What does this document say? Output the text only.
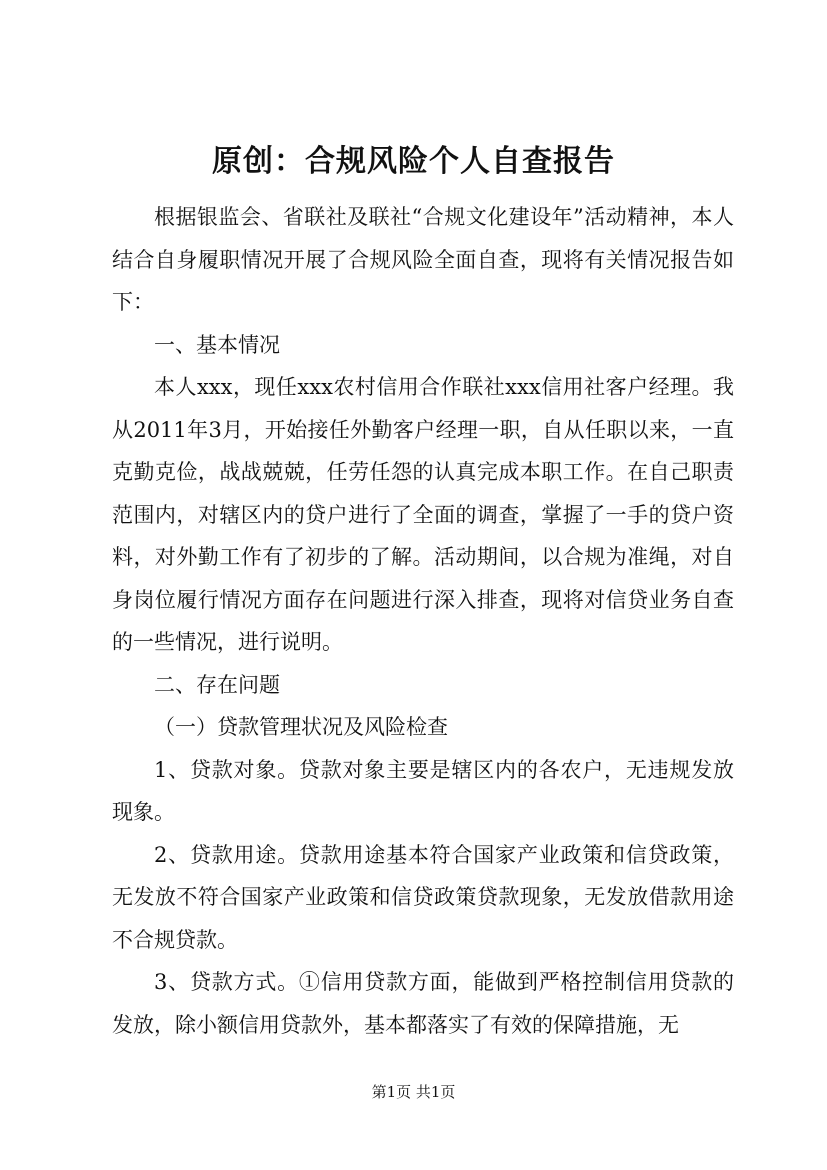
原创：合规风险个人自查报告

根据银监会、省联社及联社“合规文化建设年”活动精神，本人结合自身履职情况开展了合规风险全面自查，现将有关情况报告如下：

一、基本情况

本人xxx，现任xxx农村信用合作联社xxx信用社客户经理。我从2011年3月，开始接任外勤客户经理一职，自从任职以来，一直克勤克俭，战战兢兢，任劳任怨的认真完成本职工作。在自己职责范围内，对辖区内的贷户进行了全面的调查，掌握了一手的贷户资料，对外勤工作有了初步的了解。活动期间，以合规为准绳，对自身岗位履行情况方面存在问题进行深入排查，现将对信贷业务自查的一些情况，进行说明。

二、存在问题

（一）贷款管理状况及风险检查

1、贷款对象。贷款对象主要是辖区内的各农户，无违规发放现象。

2、贷款用途。贷款用途基本符合国家产业政策和信贷政策，无发放不符合国家产业政策和信贷政策贷款现象，无发放借款用途不合规贷款。

3、贷款方式。①信用贷款方面，能做到严格控制信用贷款的发放，除小额信用贷款外，基本都落实了有效的保障措施，无

第1页 共1页
